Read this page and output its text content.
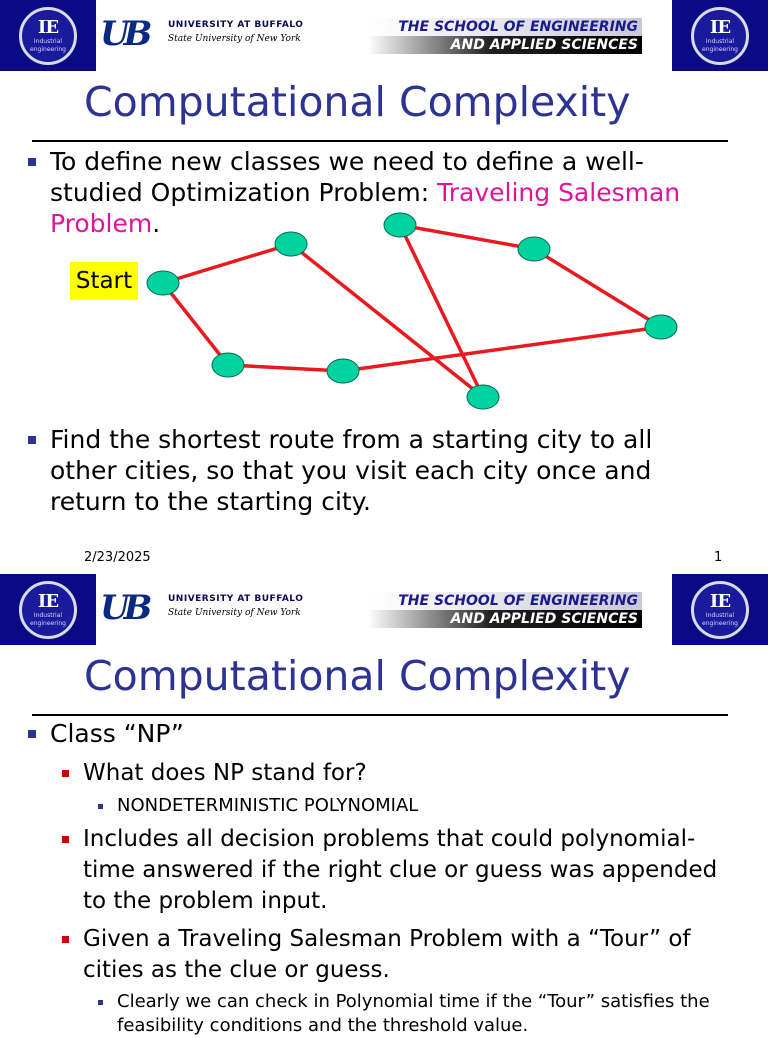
IE
Industrial
engineering UB	UNIVERSITY AT BUFFALO
State University of New York
THE SCHOOL OF ENGINEERING
AND APPLIED SCIENCES
IE
Industrial
engineering
Computational Complexity
To define new classes we need to define a well-studied Optimization Problem: Traveling Salesman Problem.
Start
Find the shortest route from a starting city to all other cities, so that you visit each city once and return to the starting city.
2/23/2025	1
IE
Industrial
engineering UB	UNIVERSITY AT BUFFALO
State University of New York
THE SCHOOL OF ENGINEERING
AND APPLIED SCIENCES
IE
Industrial
engineering
Computational Complexity
Class “NP”
What does NP stand for?
NONDETERMINISTIC POLYNOMIAL
Includes all decision problems that could polynomial-time answered if the right clue or guess was appended to the problem input.
Given a Traveling Salesman Problem with a “Tour” of cities as the clue or guess.
Clearly we can check in Polynomial time if the “Tour” satisfies the feasibility conditions and the threshold value.
